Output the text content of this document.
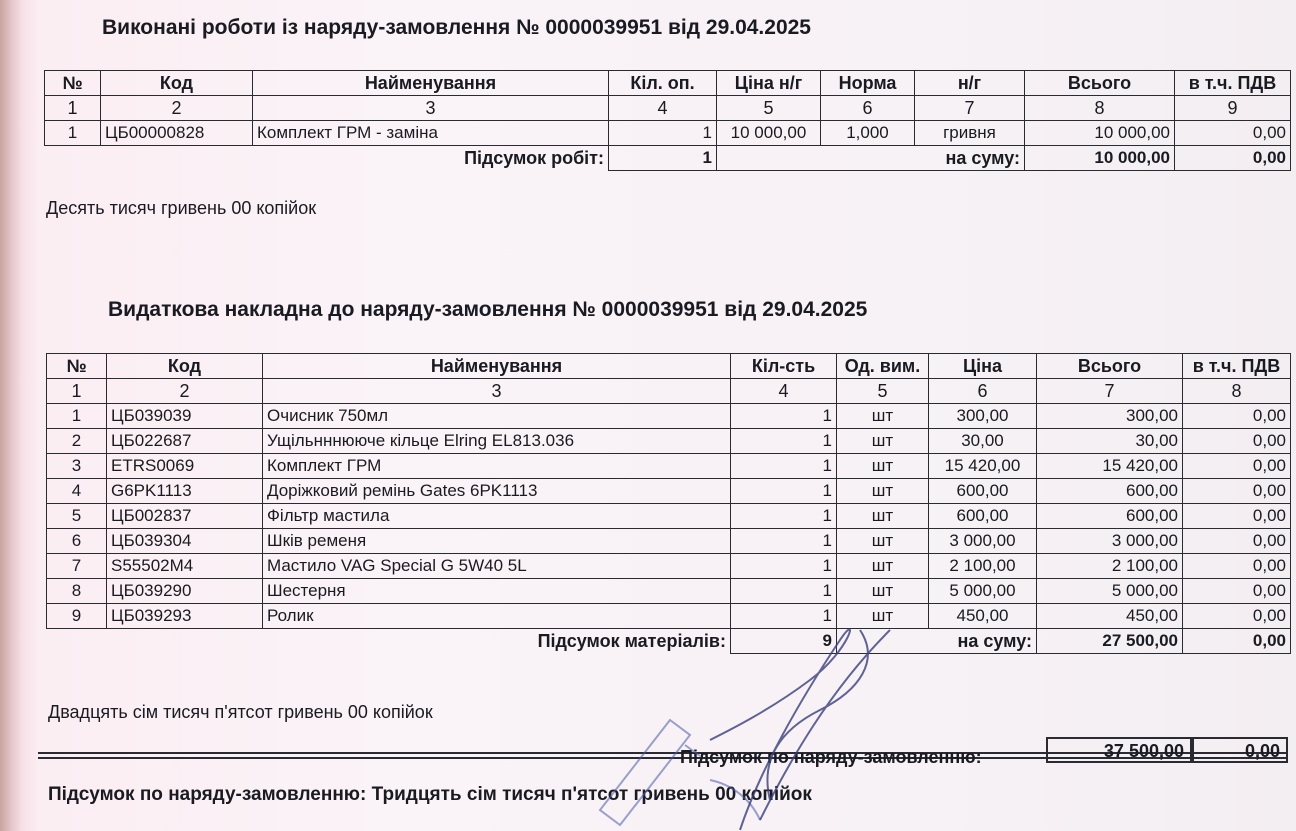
Виконані роботи із наряду-замовлення № 0000039951 від 29.04.2025
№	Код	Найменування	Кіл. оп.	Ціна н/г	Норма	н/г	Всього	в т.ч. ПДВ
1	2	3	4	5	6	7	8	9
1	ЦБ00000828	Комплект ГРМ - заміна	1	10 000,00	1,000	гривня	10 000,00	0,00
		Підсумок робіт:	1	на суму:			10 000,00	0,00
Десять тисяч гривень 00 копійок
Видаткова накладна до наряду-замовлення № 0000039951 від 29.04.2025
№	Код	Найменування	Кіл-сть	Од. вим.	Ціна	Всього	в т.ч. ПДВ
1	2	3	4	5	6	7	8
1	ЦБ039039	Очисник 750мл	1	шт	300,00	300,00	0,00
2	ЦБ022687	Ущільнннююче кільце Elring EL813.036	1	шт	30,00	30,00	0,00
3	ETRS0069	Комплект ГРМ	1	шт	15 420,00	15 420,00	0,00
4	G6PK1113	Доріжковий ремінь Gates 6PK1113	1	шт	600,00	600,00	0,00
5	ЦБ002837	Фільтр мастила	1	шт	600,00	600,00	0,00
6	ЦБ039304	Шків ременя	1	шт	3 000,00	3 000,00	0,00
7	S55502M4	Мастило VAG Special G 5W40 5L	1	шт	2 100,00	2 100,00	0,00
8	ЦБ039290	Шестерня	1	шт	5 000,00	5 000,00	0,00
9	ЦБ039293	Ролик	1	шт	450,00	450,00	0,00
		Підсумок матеріалів:	9	на суму:		27 500,00	0,00
Двадцять сім тисяч п'ятсот гривень 00 копійок
Підсумок по наряду-замовленню:	37 500,00	0,00
Підсумок по наряду-замовленню: Тридцять сім тисяч п'ятсот гривень 00 копійок
